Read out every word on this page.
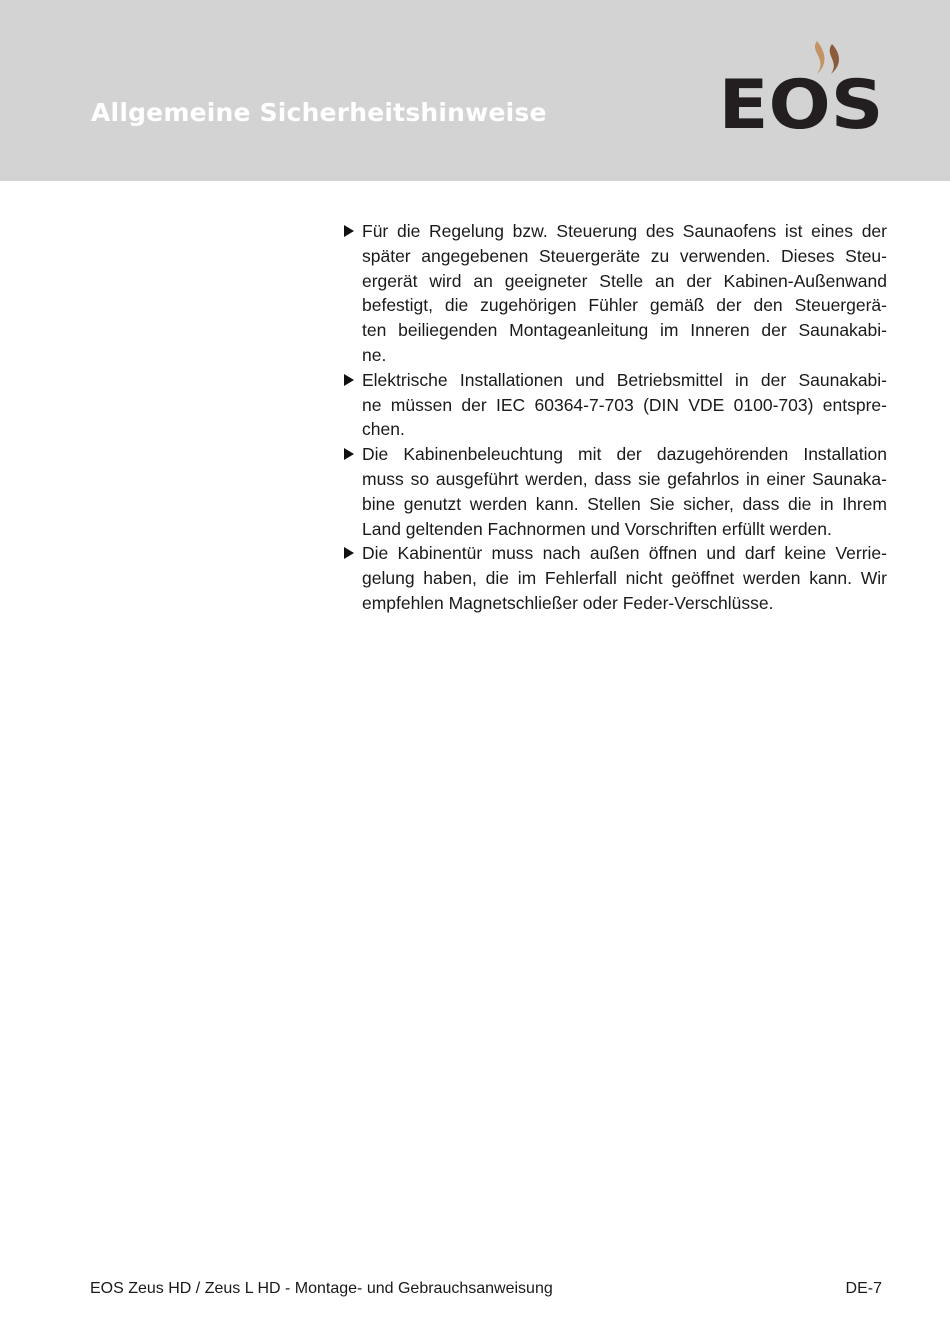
Allgemeine Sicherheitshinweise	EOS
Für die Regelung bzw. Steuerung des Saunaofens ist eines der
später angegebenen Steuergeräte zu verwenden. Dieses Steu-
ergerät wird an geeigneter Stelle an der Kabinen-Außenwand
befestigt, die zugehörigen Fühler gemäß der den Steuergerä-
ten beiliegenden Montageanleitung im Inneren der Saunakabi-
ne.
Elektrische Installationen und Betriebsmittel in der Saunakabi-
ne müssen der IEC 60364-7-703 (DIN VDE 0100-703) entspre-
chen.
Die Kabinenbeleuchtung mit der dazugehörenden Installation
muss so ausgeführt werden, dass sie gefahrlos in einer Saunaka-
bine genutzt werden kann. Stellen Sie sicher, dass die in Ihrem
Land geltenden Fachnormen und Vorschriften erfüllt werden.
Die Kabinentür muss nach außen öffnen und darf keine Verrie-
gelung haben, die im Fehlerfall nicht geöffnet werden kann. Wir
empfehlen Magnetschließer oder Feder-Verschlüsse.
EOS Zeus HD / Zeus L HD - Montage- und Gebrauchsanweisung	DE-7
